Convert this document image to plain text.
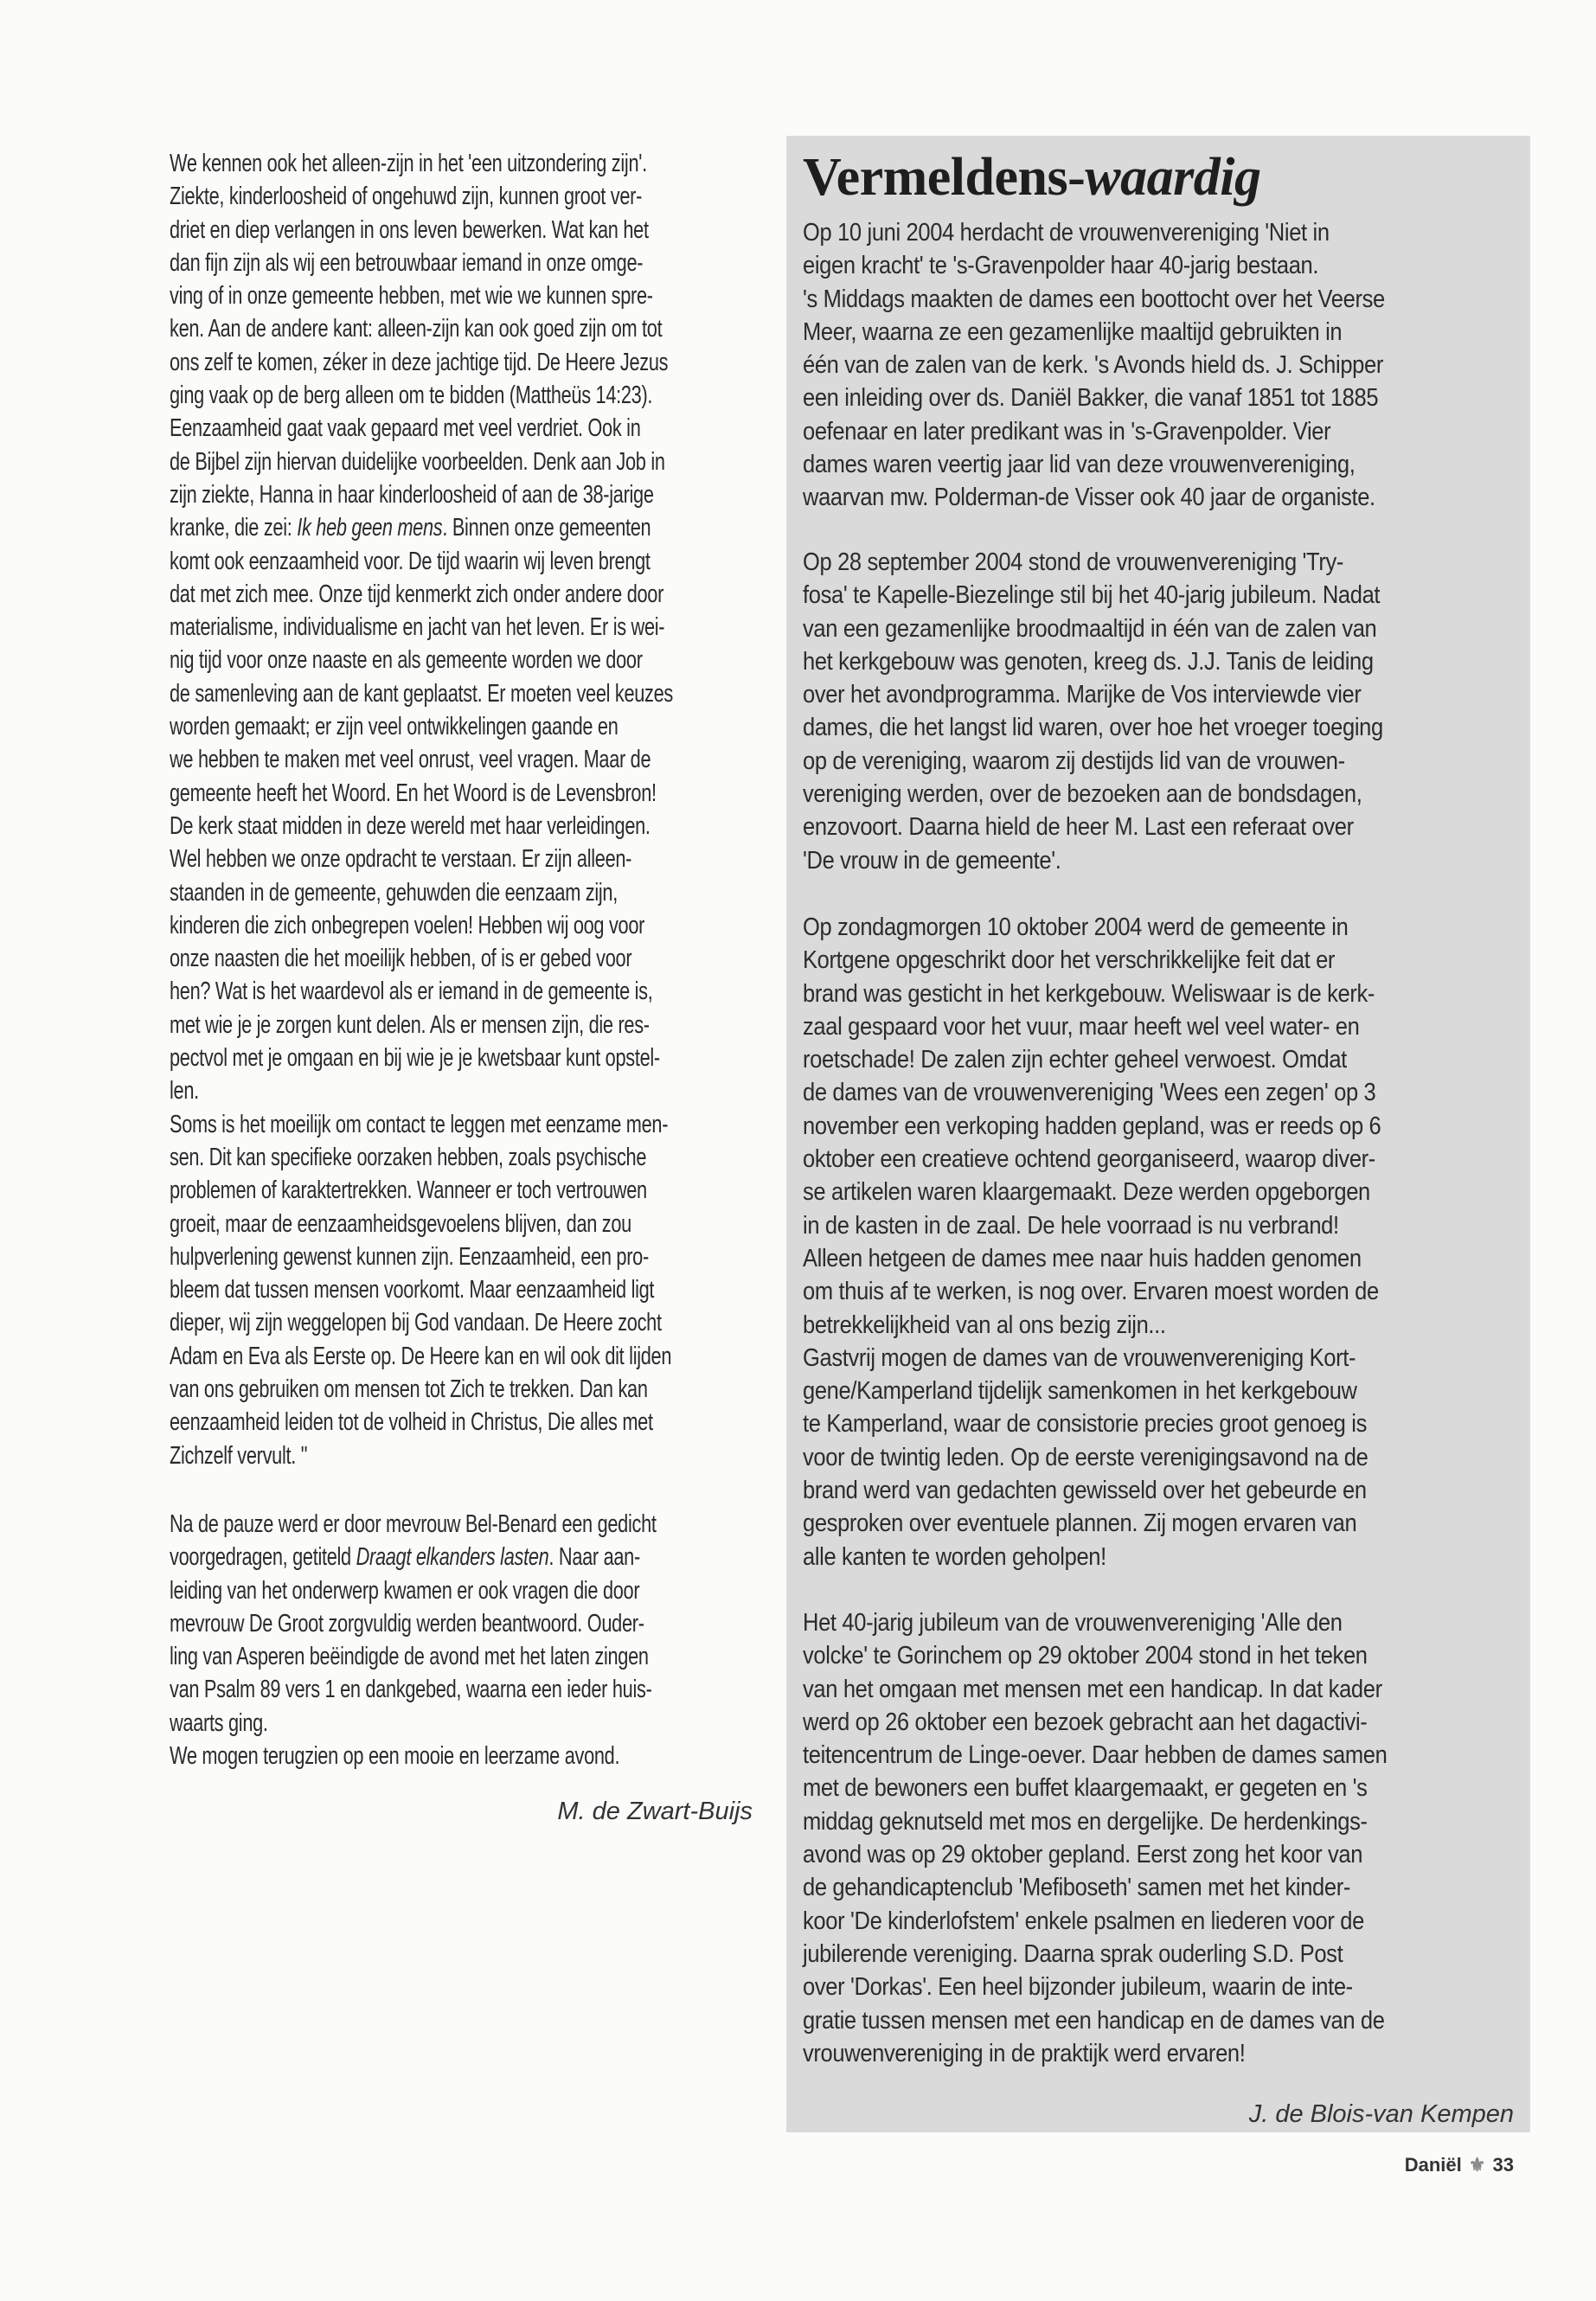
We kennen ook het alleen-zijn in het 'een uitzondering zijn'.
Ziekte, kinderloosheid of ongehuwd zijn, kunnen groot ver-
driet en diep verlangen in ons leven bewerken. Wat kan het
dan fijn zijn als wij een betrouwbaar iemand in onze omge-
ving of in onze gemeente hebben, met wie we kunnen spre-
ken. Aan de andere kant: alleen-zijn kan ook goed zijn om tot
ons zelf te komen, zéker in deze jachtige tijd. De Heere Jezus
ging vaak op de berg alleen om te bidden (Mattheüs 14:23).
Eenzaamheid gaat vaak gepaard met veel verdriet. Ook in
de Bijbel zijn hiervan duidelijke voorbeelden. Denk aan Job in
zijn ziekte, Hanna in haar kinderloosheid of aan de 38-jarige
kranke, die zei: Ik heb geen mens. Binnen onze gemeenten
komt ook eenzaamheid voor. De tijd waarin wij leven brengt
dat met zich mee. Onze tijd kenmerkt zich onder andere door
materialisme, individualisme en jacht van het leven. Er is wei-
nig tijd voor onze naaste en als gemeente worden we door
de samenleving aan de kant geplaatst. Er moeten veel keuzes
worden gemaakt; er zijn veel ontwikkelingen gaande en
we hebben te maken met veel onrust, veel vragen. Maar de
gemeente heeft het Woord. En het Woord is de Levensbron!
De kerk staat midden in deze wereld met haar verleidingen.
Wel hebben we onze opdracht te verstaan. Er zijn alleen-
staanden in de gemeente, gehuwden die eenzaam zijn,
kinderen die zich onbegrepen voelen! Hebben wij oog voor
onze naasten die het moeilijk hebben, of is er gebed voor
hen? Wat is het waardevol als er iemand in de gemeente is,
met wie je je zorgen kunt delen. Als er mensen zijn, die res-
pectvol met je omgaan en bij wie je je kwetsbaar kunt opstel-
len.
Soms is het moeilijk om contact te leggen met eenzame men-
sen. Dit kan specifieke oorzaken hebben, zoals psychische
problemen of karaktertrekken. Wanneer er toch vertrouwen
groeit, maar de eenzaamheidsgevoelens blijven, dan zou
hulpverlening gewenst kunnen zijn. Eenzaamheid, een pro-
bleem dat tussen mensen voorkomt. Maar eenzaamheid ligt
dieper, wij zijn weggelopen bij God vandaan. De Heere zocht
Adam en Eva als Eerste op. De Heere kan en wil ook dit lijden
van ons gebruiken om mensen tot Zich te trekken. Dan kan
eenzaamheid leiden tot de volheid in Christus, Die alles met
Zichzelf vervult. "
Na de pauze werd er door mevrouw Bel-Benard een gedicht
voorgedragen, getiteld Draagt elkanders lasten. Naar aan-
leiding van het onderwerp kwamen er ook vragen die door
mevrouw De Groot zorgvuldig werden beantwoord. Ouder-
ling van Asperen beëindigde de avond met het laten zingen
van Psalm 89 vers 1 en dankgebed, waarna een ieder huis-
waarts ging.
We mogen terugzien op een mooie en leerzame avond.
M. de Zwart-Buijs
Vermeldens-waardig
Op 10 juni 2004 herdacht de vrouwenvereniging 'Niet in
eigen kracht' te 's-Gravenpolder haar 40-jarig bestaan.
's Middags maakten de dames een boottocht over het Veerse
Meer, waarna ze een gezamenlijke maaltijd gebruikten in
één van de zalen van de kerk. 's Avonds hield ds. J. Schipper
een inleiding over ds. Daniël Bakker, die vanaf 1851 tot 1885
oefenaar en later predikant was in 's-Gravenpolder. Vier
dames waren veertig jaar lid van deze vrouwenvereniging,
waarvan mw. Polderman-de Visser ook 40 jaar de organiste.
Op 28 september 2004 stond de vrouwenvereniging 'Try-
fosa' te Kapelle-Biezelinge stil bij het 40-jarig jubileum. Nadat
van een gezamenlijke broodmaaltijd in één van de zalen van
het kerkgebouw was genoten, kreeg ds. J.J. Tanis de leiding
over het avondprogramma. Marijke de Vos interviewde vier
dames, die het langst lid waren, over hoe het vroeger toeging
op de vereniging, waarom zij destijds lid van de vrouwen-
vereniging werden, over de bezoeken aan de bondsdagen,
enzovoort. Daarna hield de heer M. Last een referaat over
'De vrouw in de gemeente'.
Op zondagmorgen 10 oktober 2004 werd de gemeente in
Kortgene opgeschrikt door het verschrikkelijke feit dat er
brand was gesticht in het kerkgebouw. Weliswaar is de kerk-
zaal gespaard voor het vuur, maar heeft wel veel water- en
roetschade! De zalen zijn echter geheel verwoest. Omdat
de dames van de vrouwenvereniging 'Wees een zegen' op 3
november een verkoping hadden gepland, was er reeds op 6
oktober een creatieve ochtend georganiseerd, waarop diver-
se artikelen waren klaargemaakt. Deze werden opgeborgen
in de kasten in de zaal. De hele voorraad is nu verbrand!
Alleen hetgeen de dames mee naar huis hadden genomen
om thuis af te werken, is nog over. Ervaren moest worden de
betrekkelijkheid van al ons bezig zijn...
Gastvrij mogen de dames van de vrouwenvereniging Kort-
gene/Kamperland tijdelijk samenkomen in het kerkgebouw
te Kamperland, waar de consistorie precies groot genoeg is
voor de twintig leden. Op de eerste verenigingsavond na de
brand werd van gedachten gewisseld over het gebeurde en
gesproken over eventuele plannen. Zij mogen ervaren van
alle kanten te worden geholpen!
Het 40-jarig jubileum van de vrouwenvereniging 'Alle den
volcke' te Gorinchem op 29 oktober 2004 stond in het teken
van het omgaan met mensen met een handicap. In dat kader
werd op 26 oktober een bezoek gebracht aan het dagactivi-
teitencentrum de Linge-oever. Daar hebben de dames samen
met de bewoners een buffet klaargemaakt, er gegeten en 's
middag geknutseld met mos en dergelijke. De herdenkings-
avond was op 29 oktober gepland. Eerst zong het koor van
de gehandicaptenclub 'Mefiboseth' samen met het kinder-
koor 'De kinderlofstem' enkele psalmen en liederen voor de
jubilerende vereniging. Daarna sprak ouderling S.D. Post
over 'Dorkas'. Een heel bijzonder jubileum, waarin de inte-
gratie tussen mensen met een handicap en de dames van de
vrouwenvereniging in de praktijk werd ervaren!
J. de Blois-van Kempen
Daniël ⚜ 33
